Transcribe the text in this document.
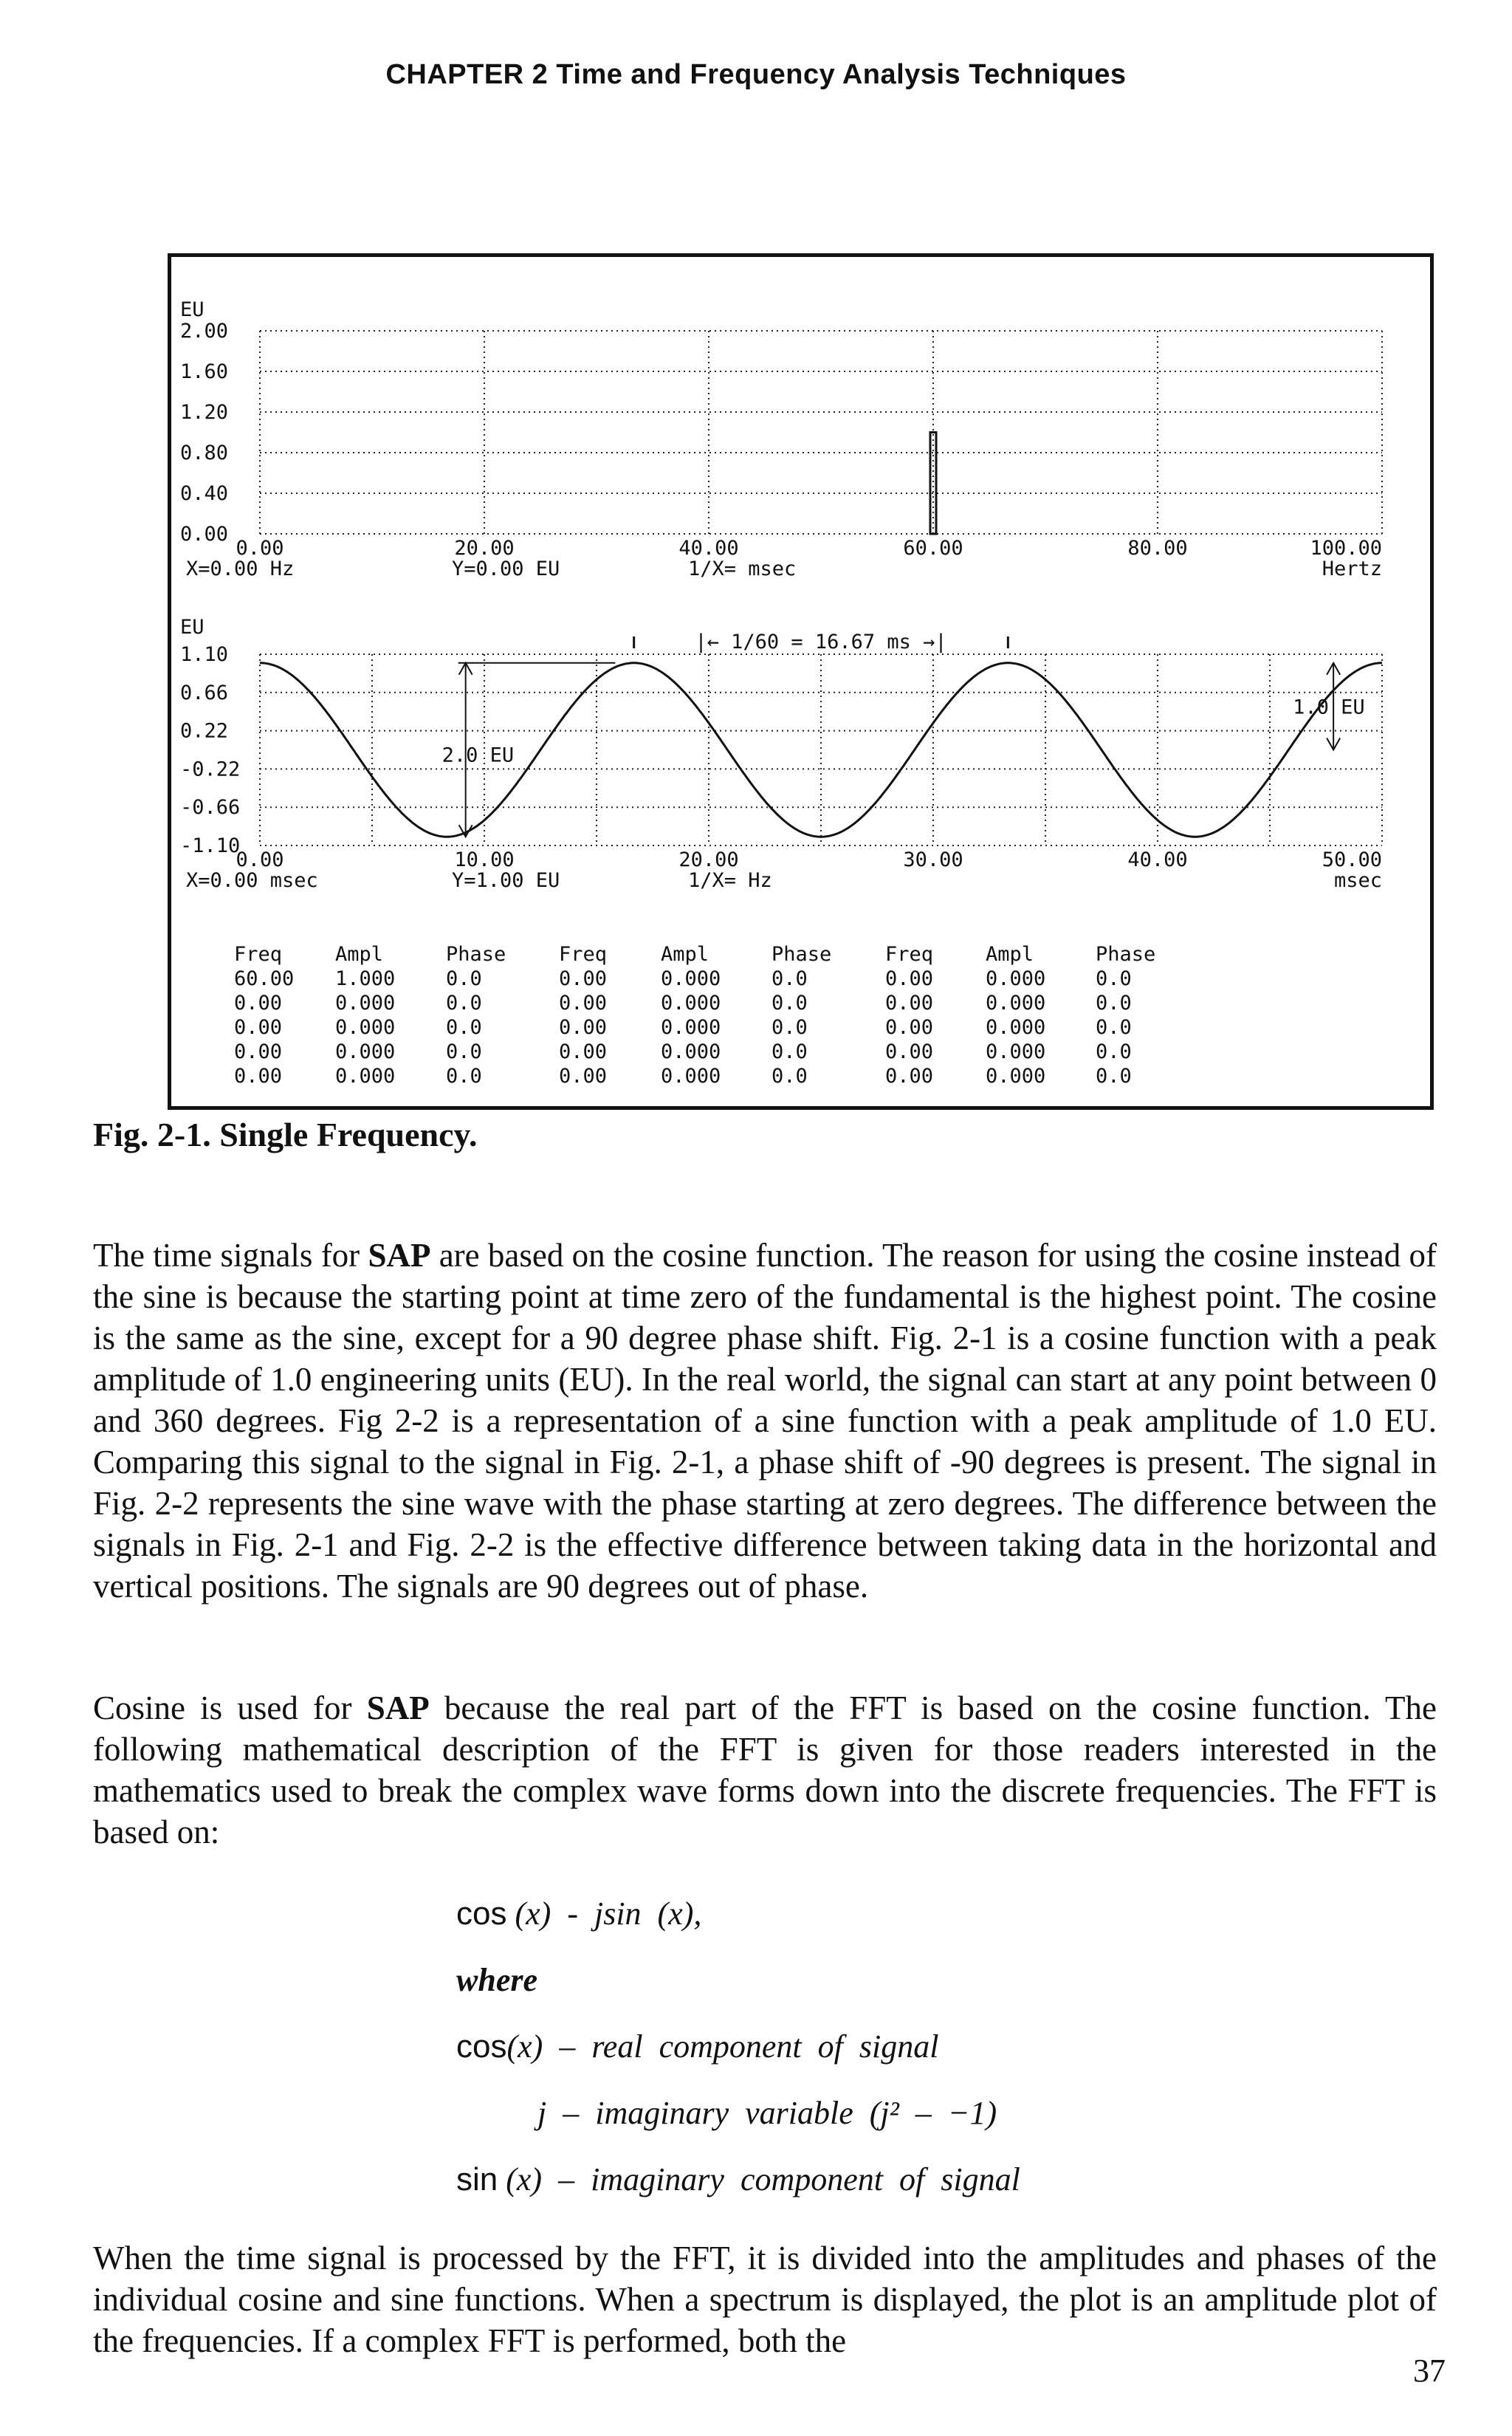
CHAPTER 2 Time and Frequency Analysis Techniques
EU
2.00
1.60
1.20
0.80
0.40
0.00
0.00	20.00	40.00	60.00	80.00	100.00
X=0.00 Hz	Y=0.00 EU	1/X= msec	Hertz
EU
1.10
0.66
0.22
-0.22
-0.66
-1.10
0.00	10.00	20.00	30.00	40.00	50.00
|← 1/60 = 16.67 ms →|
2.0 EU
1.0 EU
X=0.00 msec	Y=1.00 EU	1/X= Hz	msec
Freq	Ampl	Phase	Freq	Ampl	Phase	Freq	Ampl	Phase
60.00 1.000	0.0	0.00	0.000	0.0	0.00	0.000	0.0
0.00	0.000	0.0	0.00	0.000	0.0	0.00	0.000	0.0
0.00	0.000	0.0	0.00	0.000	0.0	0.00	0.000	0.0
0.00	0.000	0.0	0.00	0.000	0.0	0.00	0.000	0.0
0.00	0.000	0.0	0.00	0.000	0.0	0.00	0.000	0.0
Fig. 2-1. Single Frequency.

The time signals for SAP are based on the cosine function. The reason for using the cosine instead of the sine is because the starting point at time zero of the fundamental is the highest point. The cosine is the same as the sine, except for a 90 degree phase shift. Fig. 2-1 is a cosine function with a peak amplitude of 1.0 engineering units (EU). In the real world, the signal can start at any point between 0 and 360 degrees. Fig 2-2 is a representation of a sine function with a peak amplitude of 1.0 EU. Comparing this signal to the signal in Fig. 2-1, a phase shift of -90 degrees is present. The signal in Fig. 2-2 represents the sine wave with the phase starting at zero degrees. The difference between the signals in Fig. 2-1 and Fig. 2-2 is the effective difference between taking data in the horizontal and vertical positions. The signals are 90 degrees out of phase.

Cosine is used for SAP because the real part of the FFT is based on the cosine function. The following mathematical description of the FFT is given for those readers interested in the mathematics used to break the complex wave forms down into the discrete frequencies. The FFT is based on:

cos (x)  -  jsin  (x),
where
cos(x)  –  real  component  of  signal
j  –  imaginary  variable  (j²  –  −1)
sin (x)  –  imaginary  component  of  signal

When the time signal is processed by the FFT, it is divided into the amplitudes and phases of the individual cosine and sine functions. When a spectrum is displayed, the plot is an amplitude plot of the frequencies. If a complex FFT is performed, both the

37
